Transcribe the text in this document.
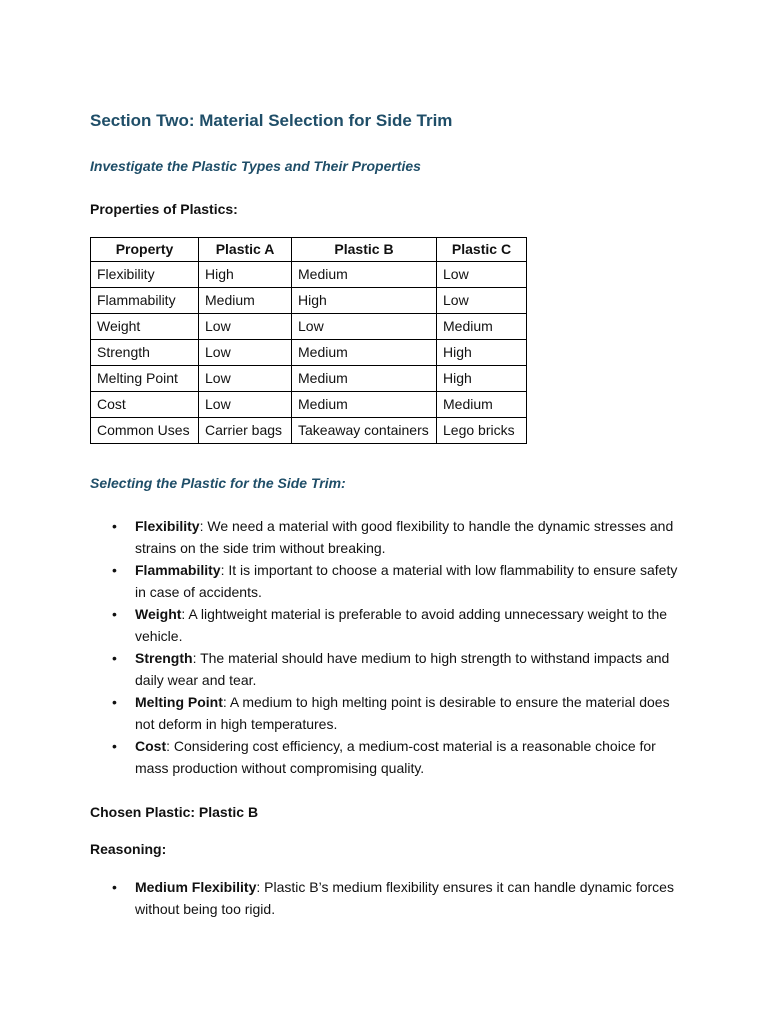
Section Two: Material Selection for Side Trim
Investigate the Plastic Types and Their Properties

Properties of Plastics:

Property	Plastic A	Plastic B	Plastic C
Flexibility	High	Medium	Low
Flammability	Medium	High	Low
Weight	Low	Low	Medium
Strength	Low	Medium	High
Melting Point	Low	Medium	High
Cost	Low	Medium	Medium
Common Uses	Carrier bags	Takeaway containers	Lego bricks
Selecting the Plastic for the Side Trim:
• Flexibility: We need a material with good flexibility to handle the dynamic stresses and strains on the side trim without breaking.
• Flammability: It is important to choose a material with low flammability to ensure safety in case of accidents.
• Weight: A lightweight material is preferable to avoid adding unnecessary weight to the vehicle.
• Strength: The material should have medium to high strength to withstand impacts and daily wear and tear.
• Melting Point: A medium to high melting point is desirable to ensure the material does not deform in high temperatures.
• Cost: Considering cost efficiency, a medium-cost material is a reasonable choice for mass production without compromising quality.

Chosen Plastic: Plastic B

Reasoning:

• Medium Flexibility: Plastic B’s medium flexibility ensures it can handle dynamic forces without being too rigid.
